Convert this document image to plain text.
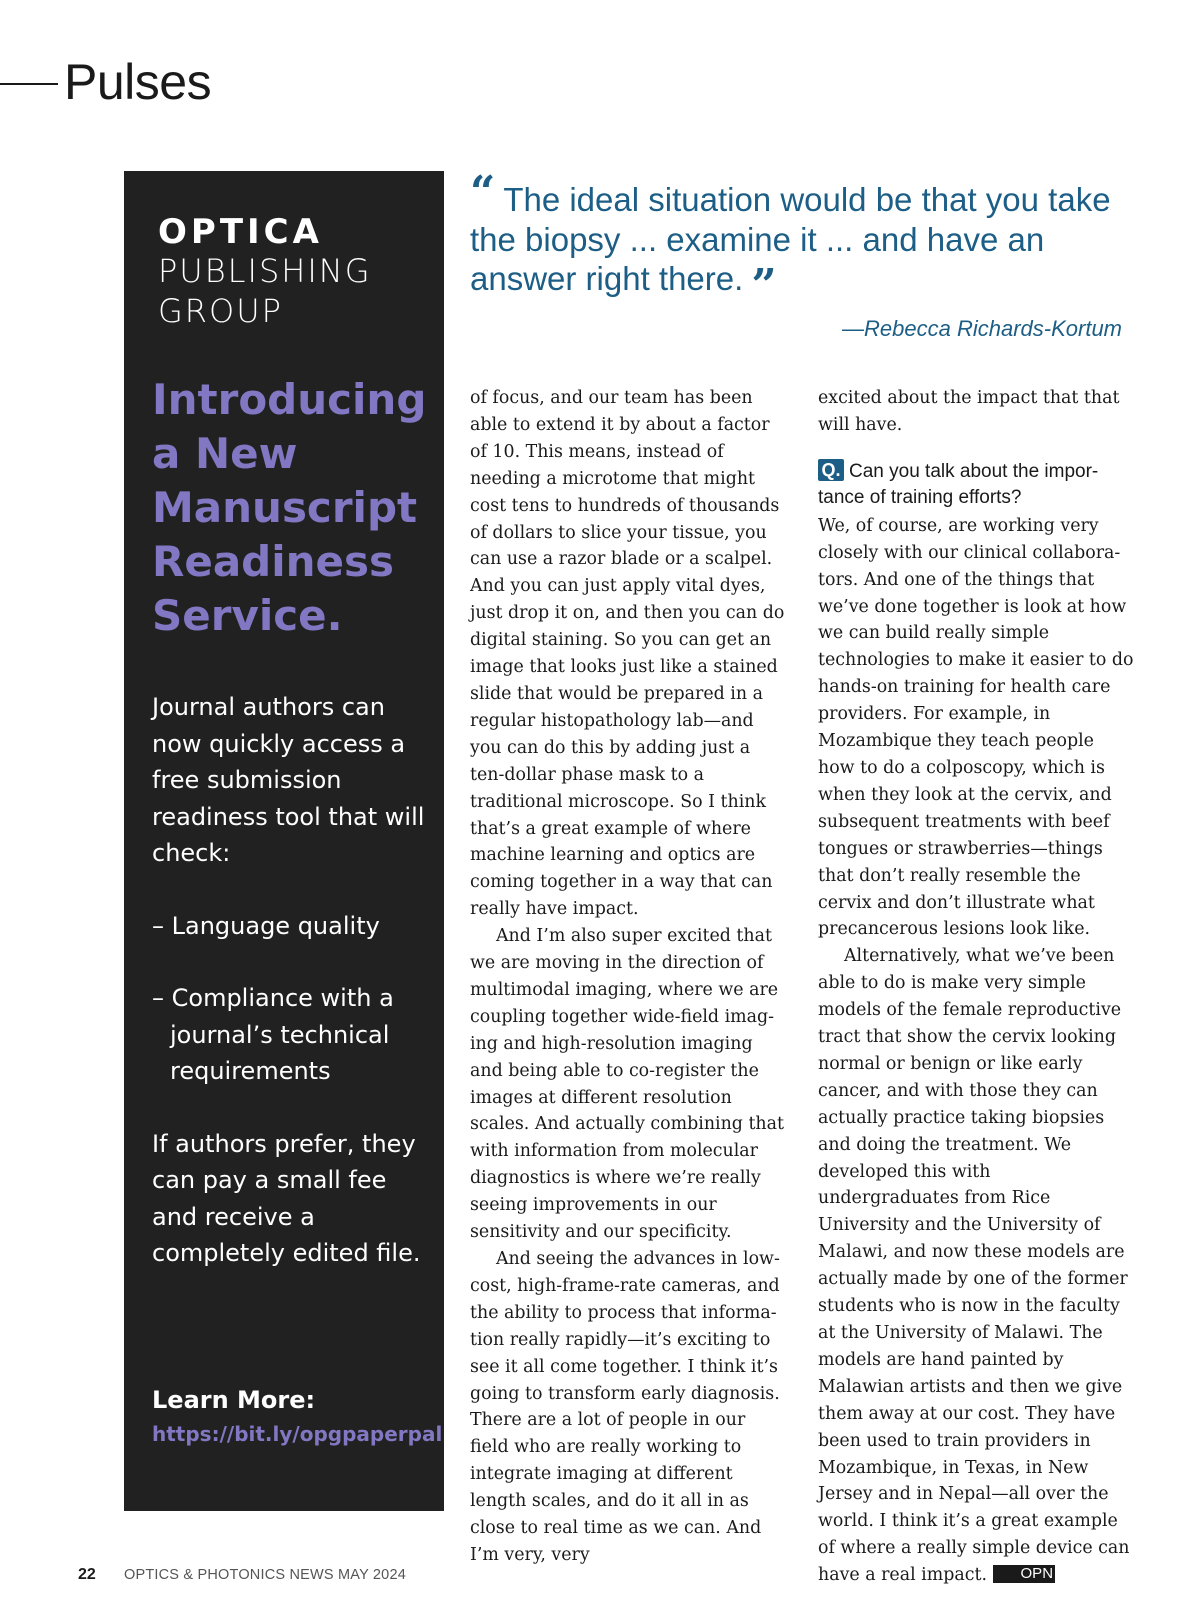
Pulses
OPTICA
PUBLISHING
GROUP
Introducing a New Manuscript Readiness Service.

Journal authors can now quickly access a free submission readiness tool that will check:

– Language quality

– Compliance with a

journal’s technical

requirements

If authors prefer, they can pay a small fee and receive a completely edited file.

Learn More:
https://bit.ly/opgpaperpal

“ The ideal situation would be that you take the biopsy ... examine it ... and have an answer right there. ”

—Rebecca Richards-Kortum

of focus, and our team has been able to extend it by about a factor of 10. This means, instead of needing a microtome that might cost tens to hundreds of thousands of dollars to slice your tissue, you can use a razor blade or a scalpel. And you can just apply vital dyes, just drop it on, and then you can do digital staining. So you can get an image that looks just like a stained slide that would be prepared in a regular histopathology lab—and you can do this by adding just a ten-dollar phase mask to a traditional microscope. So I think that’s a great example of where machine learning and optics are coming together in a way that can really have impact.

And I’m also super excited that we are moving in the direction of multimodal imaging, where we are coupling together wide-field imaging and high-resolution imaging and being able to co-register the images at different resolution scales. And actually combining that with information from molecular diagnostics is where we’re really seeing improvements in our sensitivity and our specificity.

And seeing the advances in low-cost, high-frame-rate cameras, and the ability to process that information really rapidly—it’s exciting to see it all come together. I think it’s going to transform early diagnosis. There are a lot of people in our field who are really working to integrate imaging at different length scales, and do it all in as close to real time as we can. And I’m very, very

excited about the impact that that will have.

Q. Can you talk about the importance of training efforts?

We, of course, are working very closely with our clinical collaborators. And one of the things that we’ve done together is look at how we can build really simple technologies to make it easier to do hands-on training for health care providers. For example, in Mozambique they teach people how to do a colposcopy, which is when they look at the cervix, and subsequent treatments with beef tongues or strawberries—things that don’t really resemble the cervix and don’t illustrate what precancerous lesions look like.

Alternatively, what we’ve been able to do is make very simple models of the female reproductive tract that show the cervix looking normal or benign or like early cancer, and with those they can actually practice taking biopsies and doing the treatment. We developed this with undergraduates from Rice University and the University of Malawi, and now these models are actually made by one of the former students who is now in the faculty at the University of Malawi. The models are hand painted by Malawian artists and then we give them away at our cost. They have been used to train providers in Mozambique, in Texas, in New Jersey and in Nepal—all over the world. I think it’s a great example of where a really simple device can have a real impact. OPN

22 OPTICS & PHOTONICS NEWS MAY 2024
